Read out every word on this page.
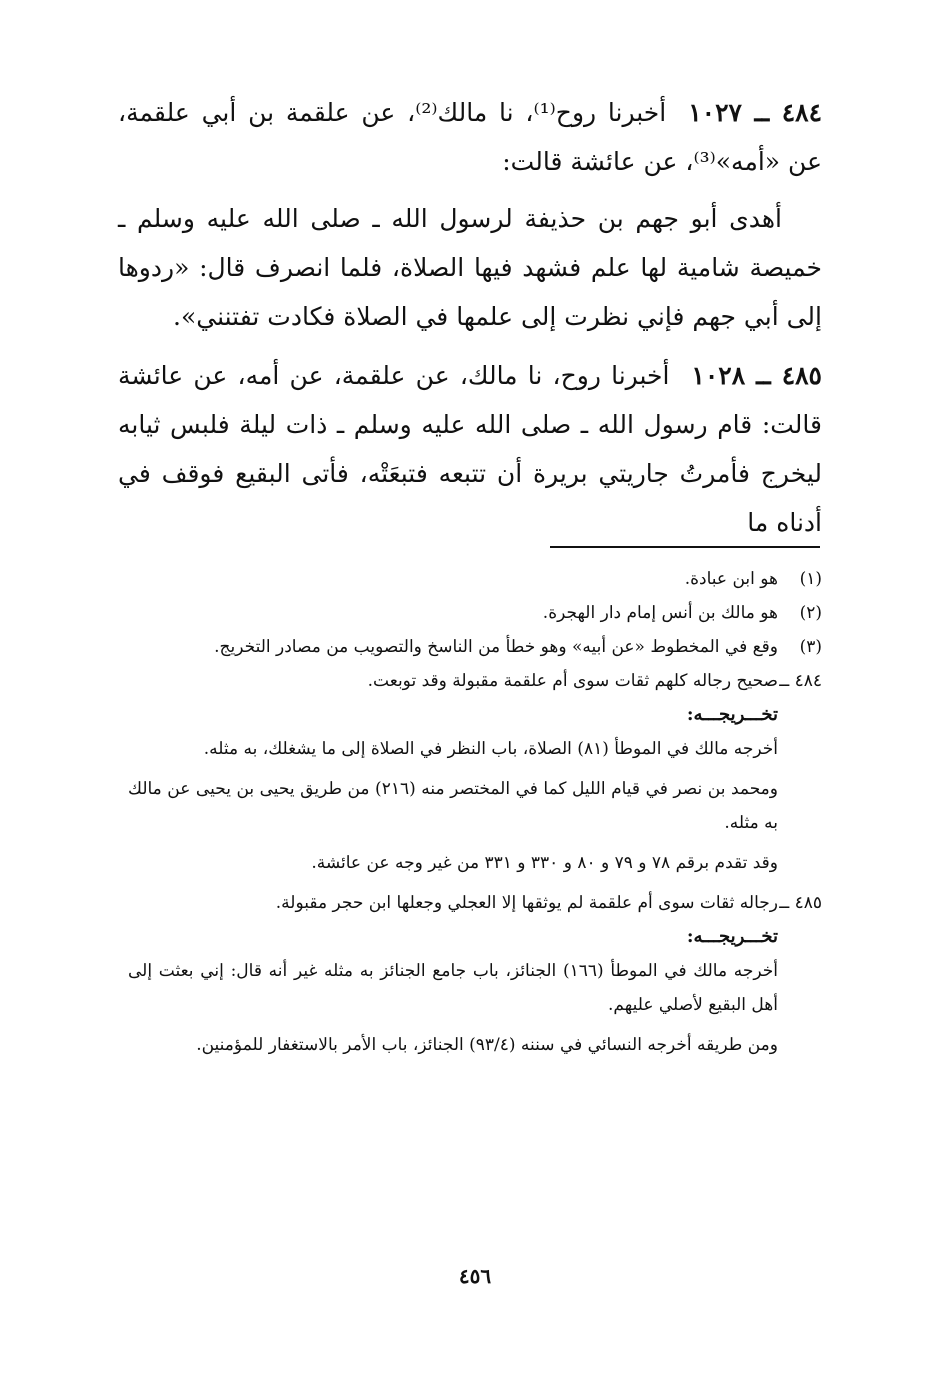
٤٨٤ ــ ١٠٢٧أخبرنا روح⁽¹⁾، نا مالك⁽²⁾، عن علقمة بن أبي علقمة، عن «أمه»⁽³⁾، عن عائشة قالت:

أهدى أبو جهم بن حذيفة لرسول الله ـ صلى الله عليه وسلم ـ خميصة شامية لها علم فشهد فيها الصلاة، فلما انصرف قال: «ردوها إلى أبي جهم فإني نظرت إلى علمها في الصلاة فكادت تفتنني».

٤٨٥ ــ ١٠٢٨أخبرنا روح، نا مالك، عن علقمة، عن أمه، عن عائشة قالت: قام رسول الله ـ صلى الله عليه وسلم ـ ذات ليلة فلبس ثيابه ليخرج فأمرتُ جاريتي بريرة أن تتبعه فتبعَتْه، فأتى البقيع فوقف في أدناه ما

(١)
هو ابن عبادة.

(٢)
هو مالك بن أنس إمام دار الهجرة.

(٣)
وقع في المخطوط «عن أبيه» وهو خطأ من الناسخ والتصويب من مصادر التخريج.

٤٨٤ ــ
صحيح رجاله كلهم ثقات سوى أم علقمة مقبولة وقد توبعت.

تخـــريجـــه:

أخرجه مالك في الموطأ (٨١) الصلاة، باب النظر في الصلاة إلى ما يشغلك، به مثله.

ومحمد بن نصر في قيام الليل كما في المختصر منه (٢١٦) من طريق يحيى بن يحيى عن مالك به مثله.

وقد تقدم برقم ٧٨ و ٧٩ و ٨٠ و ٣٣٠ و ٣٣١ من غير وجه عن عائشة.

٤٨٥ ــ
رجاله ثقات سوى أم علقمة لم يوثقها إلا العجلي وجعلها ابن حجر مقبولة.

تخـــريجـــه:

أخرجه مالك في الموطأ (١٦٦) الجنائز، باب جامع الجنائز به مثله غير أنه قال: إني بعثت إلى أهل البقيع لأصلي عليهم.

ومن طريقه أخرجه النسائي في سننه (٩٣/٤) الجنائز، باب الأمر بالاستغفار للمؤمنين.

٤٥٦
